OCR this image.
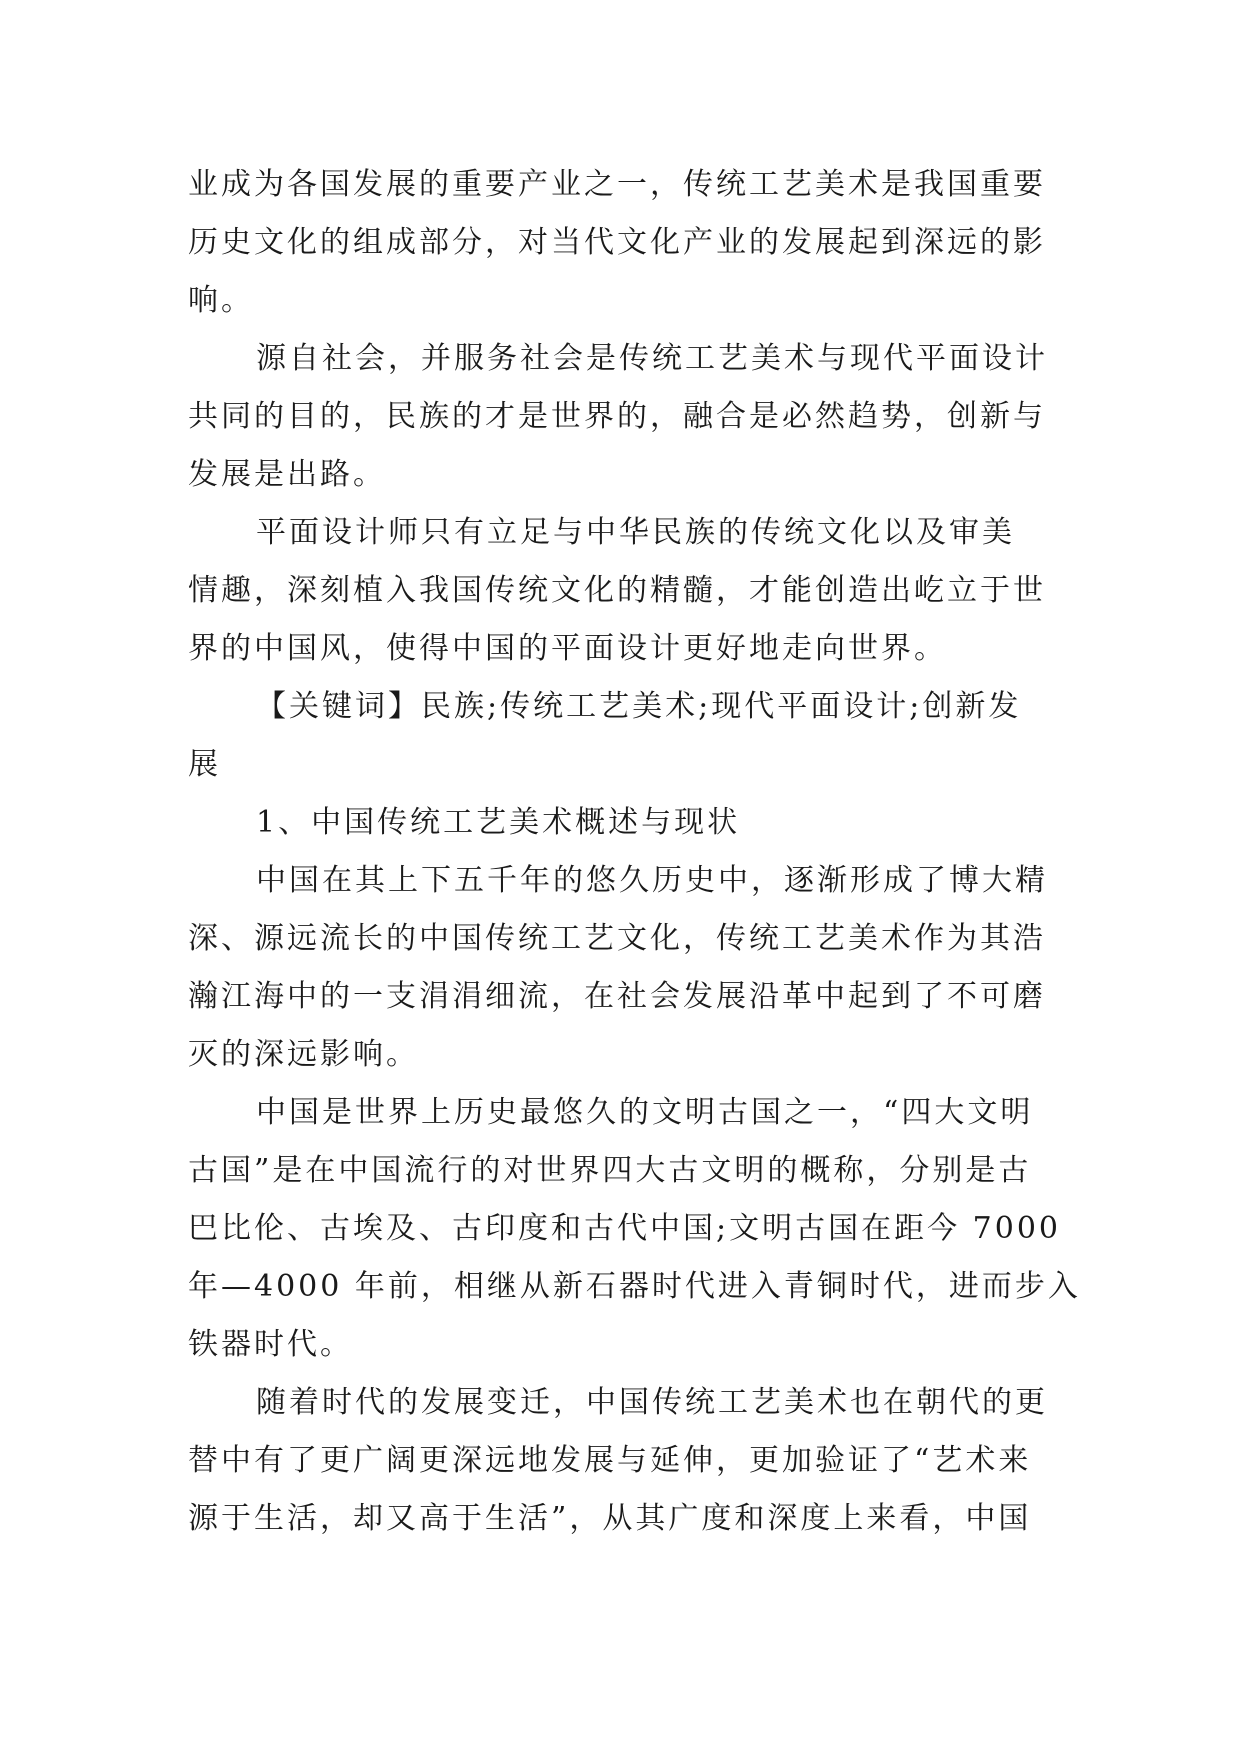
业成为各国发展的重要产业之一，传统工艺美术是我国重要
历史文化的组成部分，对当代文化产业的发展起到深远的影
响。
源自社会，并服务社会是传统工艺美术与现代平面设计
共同的目的，民族的才是世界的，融合是必然趋势，创新与
发展是出路。
平面设计师只有立足与中华民族的传统文化以及审美
情趣，深刻植入我国传统文化的精髓，才能创造出屹立于世
界的中国风，使得中国的平面设计更好地走向世界。
【关键词】民族;传统工艺美术;现代平面设计;创新发
展
1、中国传统工艺美术概述与现状
中国在其上下五千年的悠久历史中，逐渐形成了博大精
深、源远流长的中国传统工艺文化，传统工艺美术作为其浩
瀚江海中的一支涓涓细流，在社会发展沿革中起到了不可磨
灭的深远影响。
中国是世界上历史最悠久的文明古国之一，“四大文明
古国”是在中国流行的对世界四大古文明的概称，分别是古
巴比伦、古埃及、古印度和古代中国;文明古国在距今 7000
年—4000 年前，相继从新石器时代进入青铜时代，进而步入
铁器时代。
随着时代的发展变迁，中国传统工艺美术也在朝代的更
替中有了更广阔更深远地发展与延伸，更加验证了“艺术来
源于生活，却又高于生活”，从其广度和深度上来看，中国
